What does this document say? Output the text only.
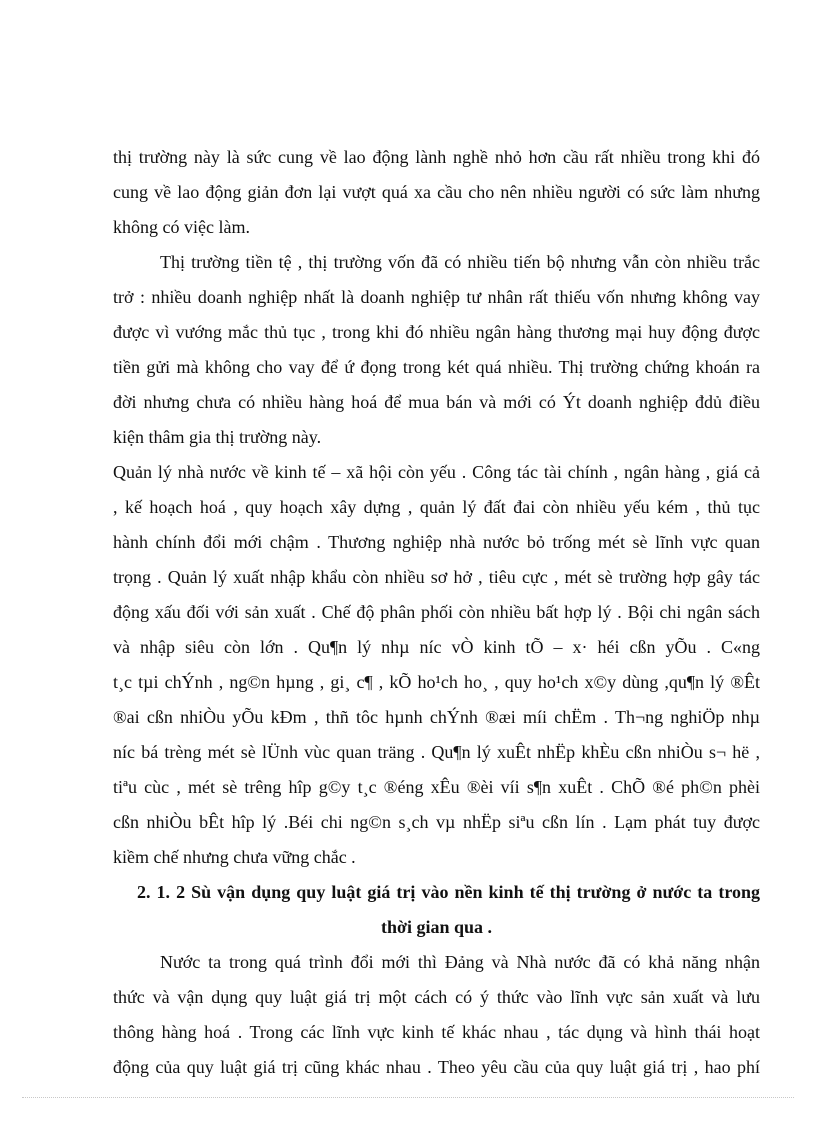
thị trường này là sức cung về lao động lành nghề nhỏ hơn cầu rất nhiều trong khi đó
cung về lao động giản đơn lại vượt quá xa cầu cho nên nhiều người có sức làm nhưng
không có việc làm.

Thị trường tiền tệ , thị trường vốn đã có nhiều tiến bộ nhưng vẫn còn nhiều trắc
trở : nhiều doanh nghiệp nhất là doanh nghiệp tư nhân rất thiếu vốn nhưng không vay
được vì vướng mắc thủ tục , trong khi đó nhiều ngân hàng thương mại huy động được
tiền gửi mà không cho vay để ứ đọng trong két quá nhiều. Thị trường chứng khoán ra
đời nhưng chưa có nhiều hàng hoá để mua bán và mới có Ýt doanh nghiệp đdủ điều
kiện thâm gia thị trường này.

Quản lý nhà nước về kinh tế – xã hội còn yếu . Công tác tài chính , ngân hàng , giá cả
, kế hoạch hoá , quy hoạch xây dựng , quản lý đất đai còn nhiều yếu kém , thủ tục
hành chính đổi mới chậm . Thương nghiệp nhà nước bỏ trống mét sè lĩnh vực quan
trọng . Quản lý xuất nhập khẩu còn nhiều sơ hở , tiêu cực , mét sè trường hợp gây tác
động xấu đối với sản xuất . Chế độ phân phối còn nhiều bất hợp lý . Bội chi ngân sách
và nhập siêu còn lớn . Qu¶n lý nhµ níc vÒ kinh tÕ – x· héi cßn yÕu . C«ng
t¸c tµi chÝnh , ng©n hµng , gi¸ c¶ , kÕ ho¹ch ho¸ , quy ho¹ch x©y dùng ,qu¶n lý ®Êt
®ai cßn nhiÒu yÕu kÐm , thñ tôc hµnh chÝnh ®æi míi chËm . Th¬ng nghiÖp nhµ
níc bá trèng mét sè lÜnh vùc quan träng . Qu¶n lý xuÊt nhËp khÈu cßn nhiÒu s¬ hë ,
tiªu cùc , mét sè trêng hîp g©y t¸c ®éng xÊu ®èi víi s¶n xuÊt . ChÕ ®é ph©n phèi
cßn nhiÒu bÊt hîp lý .Béi chi ng©n s¸ch vµ nhËp siªu cßn lín . Lạm phát tuy được
kiềm chế nhưng chưa vững chắc .

2. 1. 2 Sù vận dụng quy luật giá trị vào nền kinh tế thị trường ở nước ta trong
thời gian qua .

Nước ta trong quá trình đổi mới thì Đảng và Nhà nước đã có khả năng nhận
thức và vận dụng quy luật giá trị một cách có ý thức vào lĩnh vực sản xuất và lưu
thông hàng hoá . Trong các lĩnh vực kinh tế khác nhau , tác dụng và hình thái hoạt
động của quy luật giá trị cũng khác nhau . Theo yêu cầu của quy luật giá trị , hao phí
